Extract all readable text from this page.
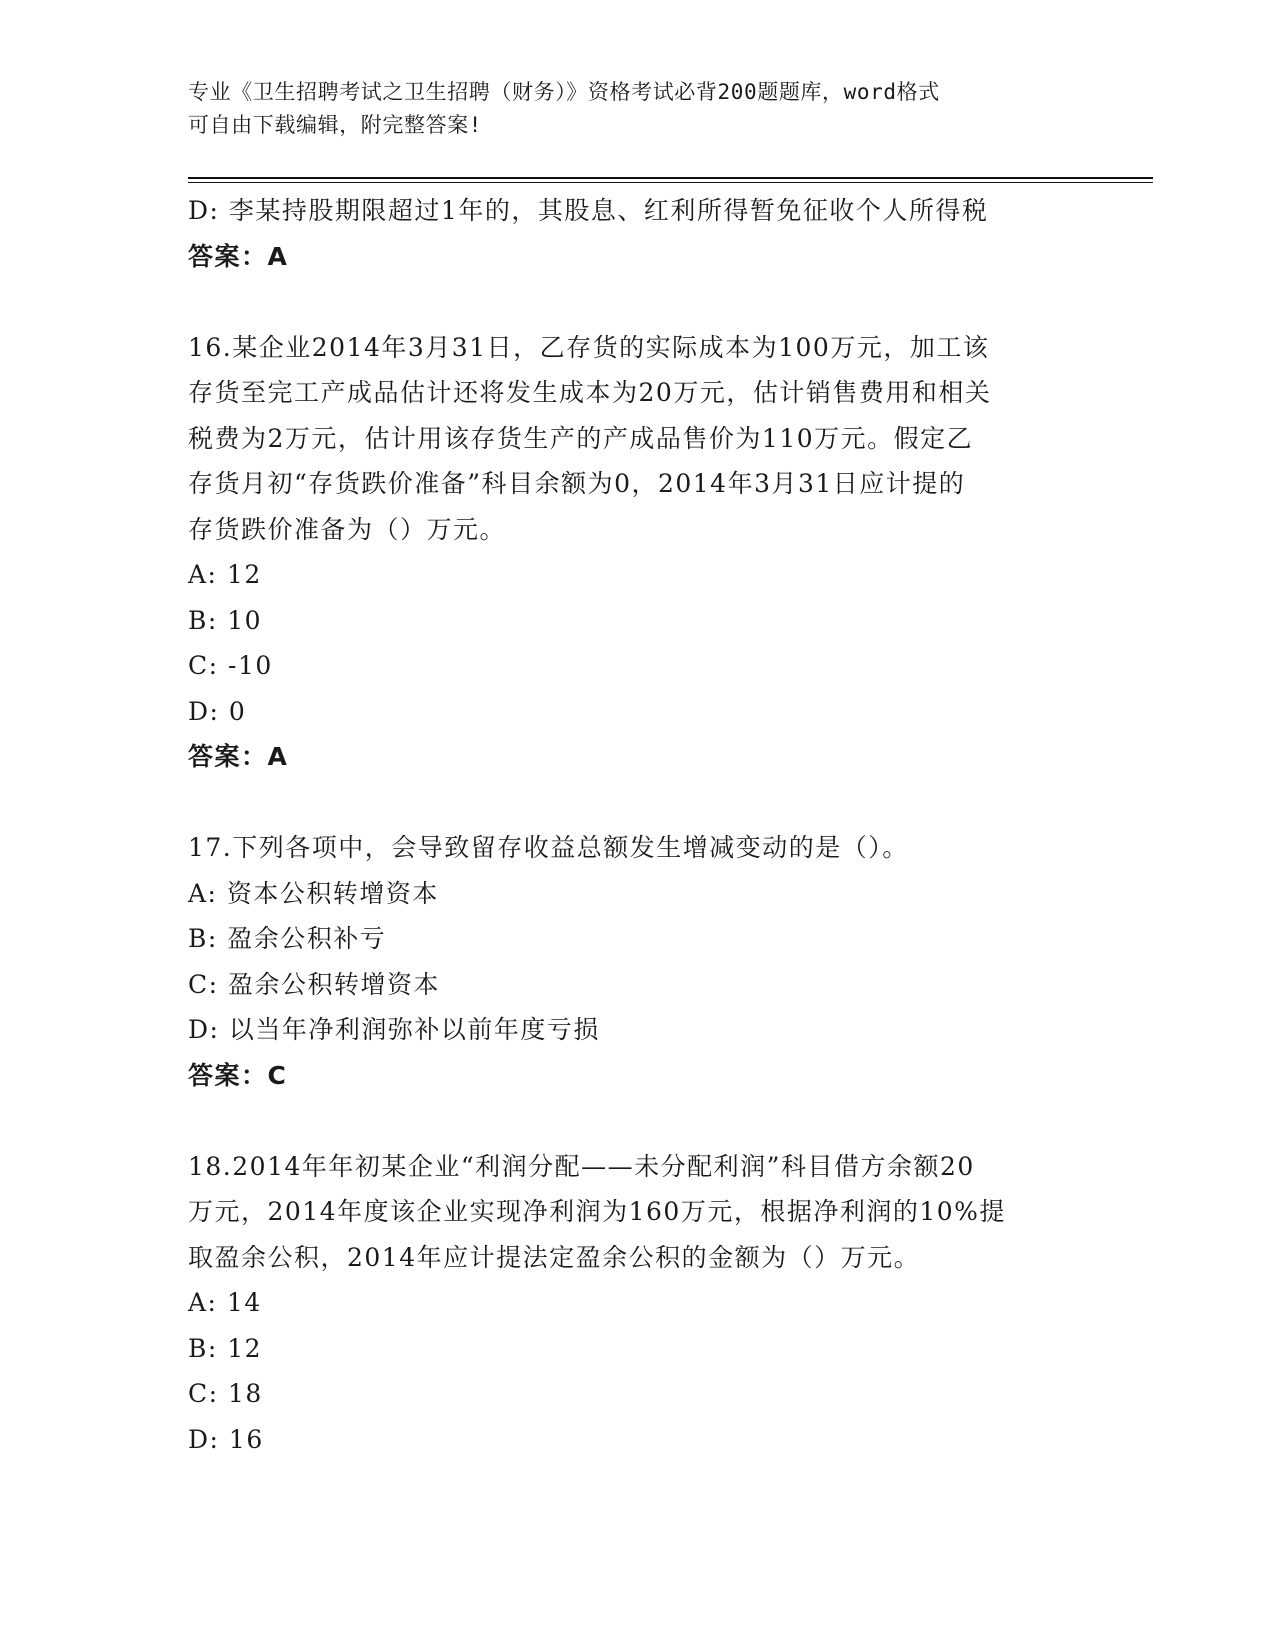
专业《卫生招聘考试之卫生招聘（财务）》资格考试必背200题题库，word格式
可自由下载编辑，附完整答案!
D: 李某持股期限超过1年的，其股息、红利所得暂免征收个人所得税
答案：A
16.某企业2014年3月31日，乙存货的实际成本为100万元，加工该
存货至完工产成品估计还将发生成本为20万元，估计销售费用和相关
税费为2万元，估计用该存货生产的产成品售价为110万元。假定乙
存货月初“存货跌价准备”科目余额为0，2014年3月31日应计提的
存货跌价准备为（）万元。
A: 12
B: 10
C: -10
D: 0
答案：A
17.下列各项中，会导致留存收益总额发生增减变动的是（）。
A: 资本公积转增资本
B: 盈余公积补亏
C: 盈余公积转增资本
D: 以当年净利润弥补以前年度亏损
答案：C
18.2014年年初某企业“利润分配——未分配利润”科目借方余额20
万元，2014年度该企业实现净利润为160万元，根据净利润的10%提
取盈余公积，2014年应计提法定盈余公积的金额为（）万元。
A: 14
B: 12
C: 18
D: 16
